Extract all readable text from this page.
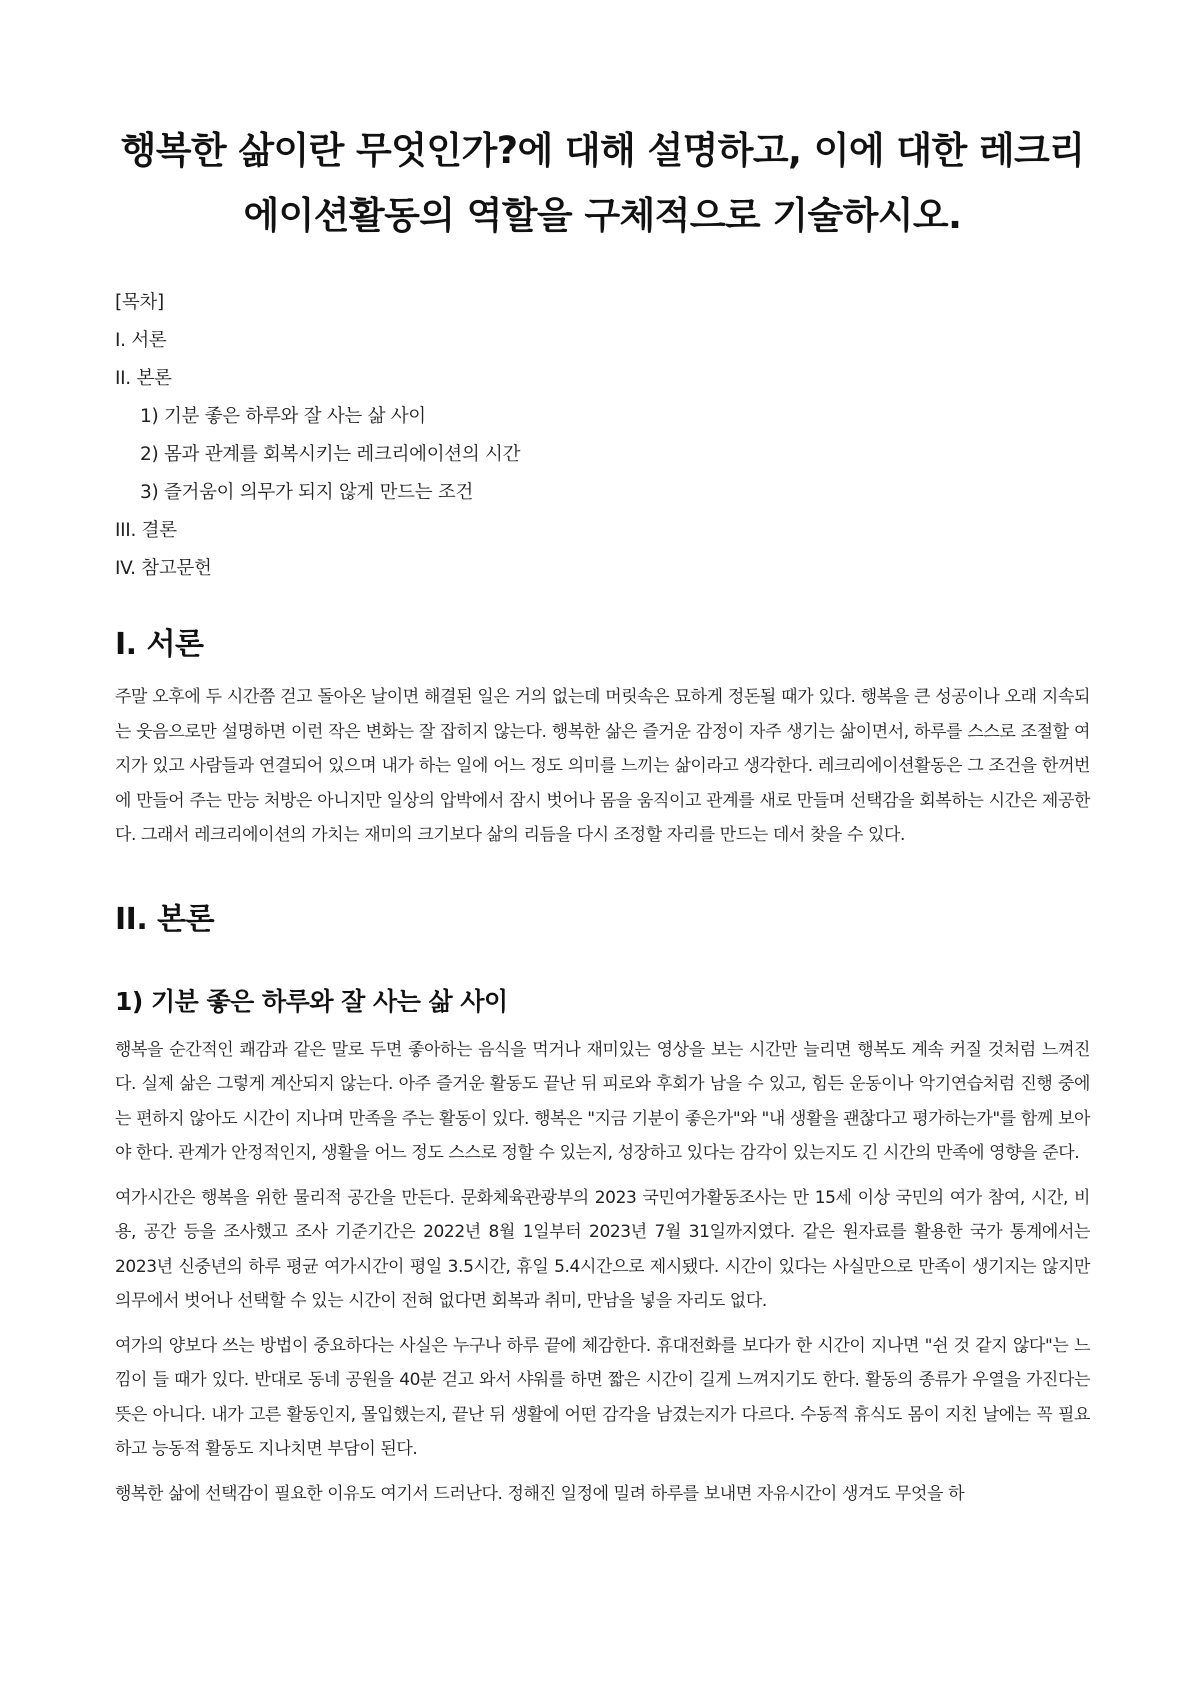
행복한 삶이란 무엇인가?에 대해 설명하고, 이에 대한 레크리에이션활동의 역할을 구체적으로 기술하시오.
[목차]
I. 서론
II. 본론
1) 기분 좋은 하루와 잘 사는 삶 사이
2) 몸과 관계를 회복시키는 레크리에이션의 시간
3) 즐거움이 의무가 되지 않게 만드는 조건
III. 결론
IV. 참고문헌
I. 서론

주말 오후에 두 시간쯤 걷고 돌아온 날이면 해결된 일은 거의 없는데 머릿속은 묘하게 정돈될 때가 있다. 행복을 큰 성공이나 오래 지속되는 웃음으로만 설명하면 이런 작은 변화는 잘 잡히지 않는다. 행복한 삶은 즐거운 감정이 자주 생기는 삶이면서, 하루를 스스로 조절할 여지가 있고 사람들과 연결되어 있으며 내가 하는 일에 어느 정도 의미를 느끼는 삶이라고 생각한다. 레크리에이션활동은 그 조건을 한꺼번에 만들어 주는 만능 처방은 아니지만 일상의 압박에서 잠시 벗어나 몸을 움직이고 관계를 새로 만들며 선택감을 회복하는 시간은 제공한다. 그래서 레크리에이션의 가치는 재미의 크기보다 삶의 리듬을 다시 조정할 자리를 만드는 데서 찾을 수 있다.

II. 본론
1) 기분 좋은 하루와 잘 사는 삶 사이

행복을 순간적인 쾌감과 같은 말로 두면 좋아하는 음식을 먹거나 재미있는 영상을 보는 시간만 늘리면 행복도 계속 커질 것처럼 느껴진다. 실제 삶은 그렇게 계산되지 않는다. 아주 즐거운 활동도 끝난 뒤 피로와 후회가 남을 수 있고, 힘든 운동이나 악기연습처럼 진행 중에는 편하지 않아도 시간이 지나며 만족을 주는 활동이 있다. 행복은 "지금 기분이 좋은가"와 "내 생활을 괜찮다고 평가하는가"를 함께 보아야 한다. 관계가 안정적인지, 생활을 어느 정도 스스로 정할 수 있는지, 성장하고 있다는 감각이 있는지도 긴 시간의 만족에 영향을 준다.

여가시간은 행복을 위한 물리적 공간을 만든다. 문화체육관광부의 2023 국민여가활동조사는 만 15세 이상 국민의 여가 참여, 시간, 비용, 공간 등을 조사했고 조사 기준기간은 2022년 8월 1일부터 2023년 7월 31일까지였다. 같은 원자료를 활용한 국가 통계에서는 2023년 신중년의 하루 평균 여가시간이 평일 3.5시간, 휴일 5.4시간으로 제시됐다. 시간이 있다는 사실만으로 만족이 생기지는 않지만 의무에서 벗어나 선택할 수 있는 시간이 전혀 없다면 회복과 취미, 만남을 넣을 자리도 없다.

여가의 양보다 쓰는 방법이 중요하다는 사실은 누구나 하루 끝에 체감한다. 휴대전화를 보다가 한 시간이 지나면 "쉰 것 같지 않다"는 느낌이 들 때가 있다. 반대로 동네 공원을 40분 걷고 와서 샤워를 하면 짧은 시간이 길게 느껴지기도 한다. 활동의 종류가 우열을 가진다는 뜻은 아니다. 내가 고른 활동인지, 몰입했는지, 끝난 뒤 생활에 어떤 감각을 남겼는지가 다르다. 수동적 휴식도 몸이 지친 날에는 꼭 필요하고 능동적 활동도 지나치면 부담이 된다.

행복한 삶에 선택감이 필요한 이유도 여기서 드러난다. 정해진 일정에 밀려 하루를 보내면 자유시간이 생겨도 무엇을 하
